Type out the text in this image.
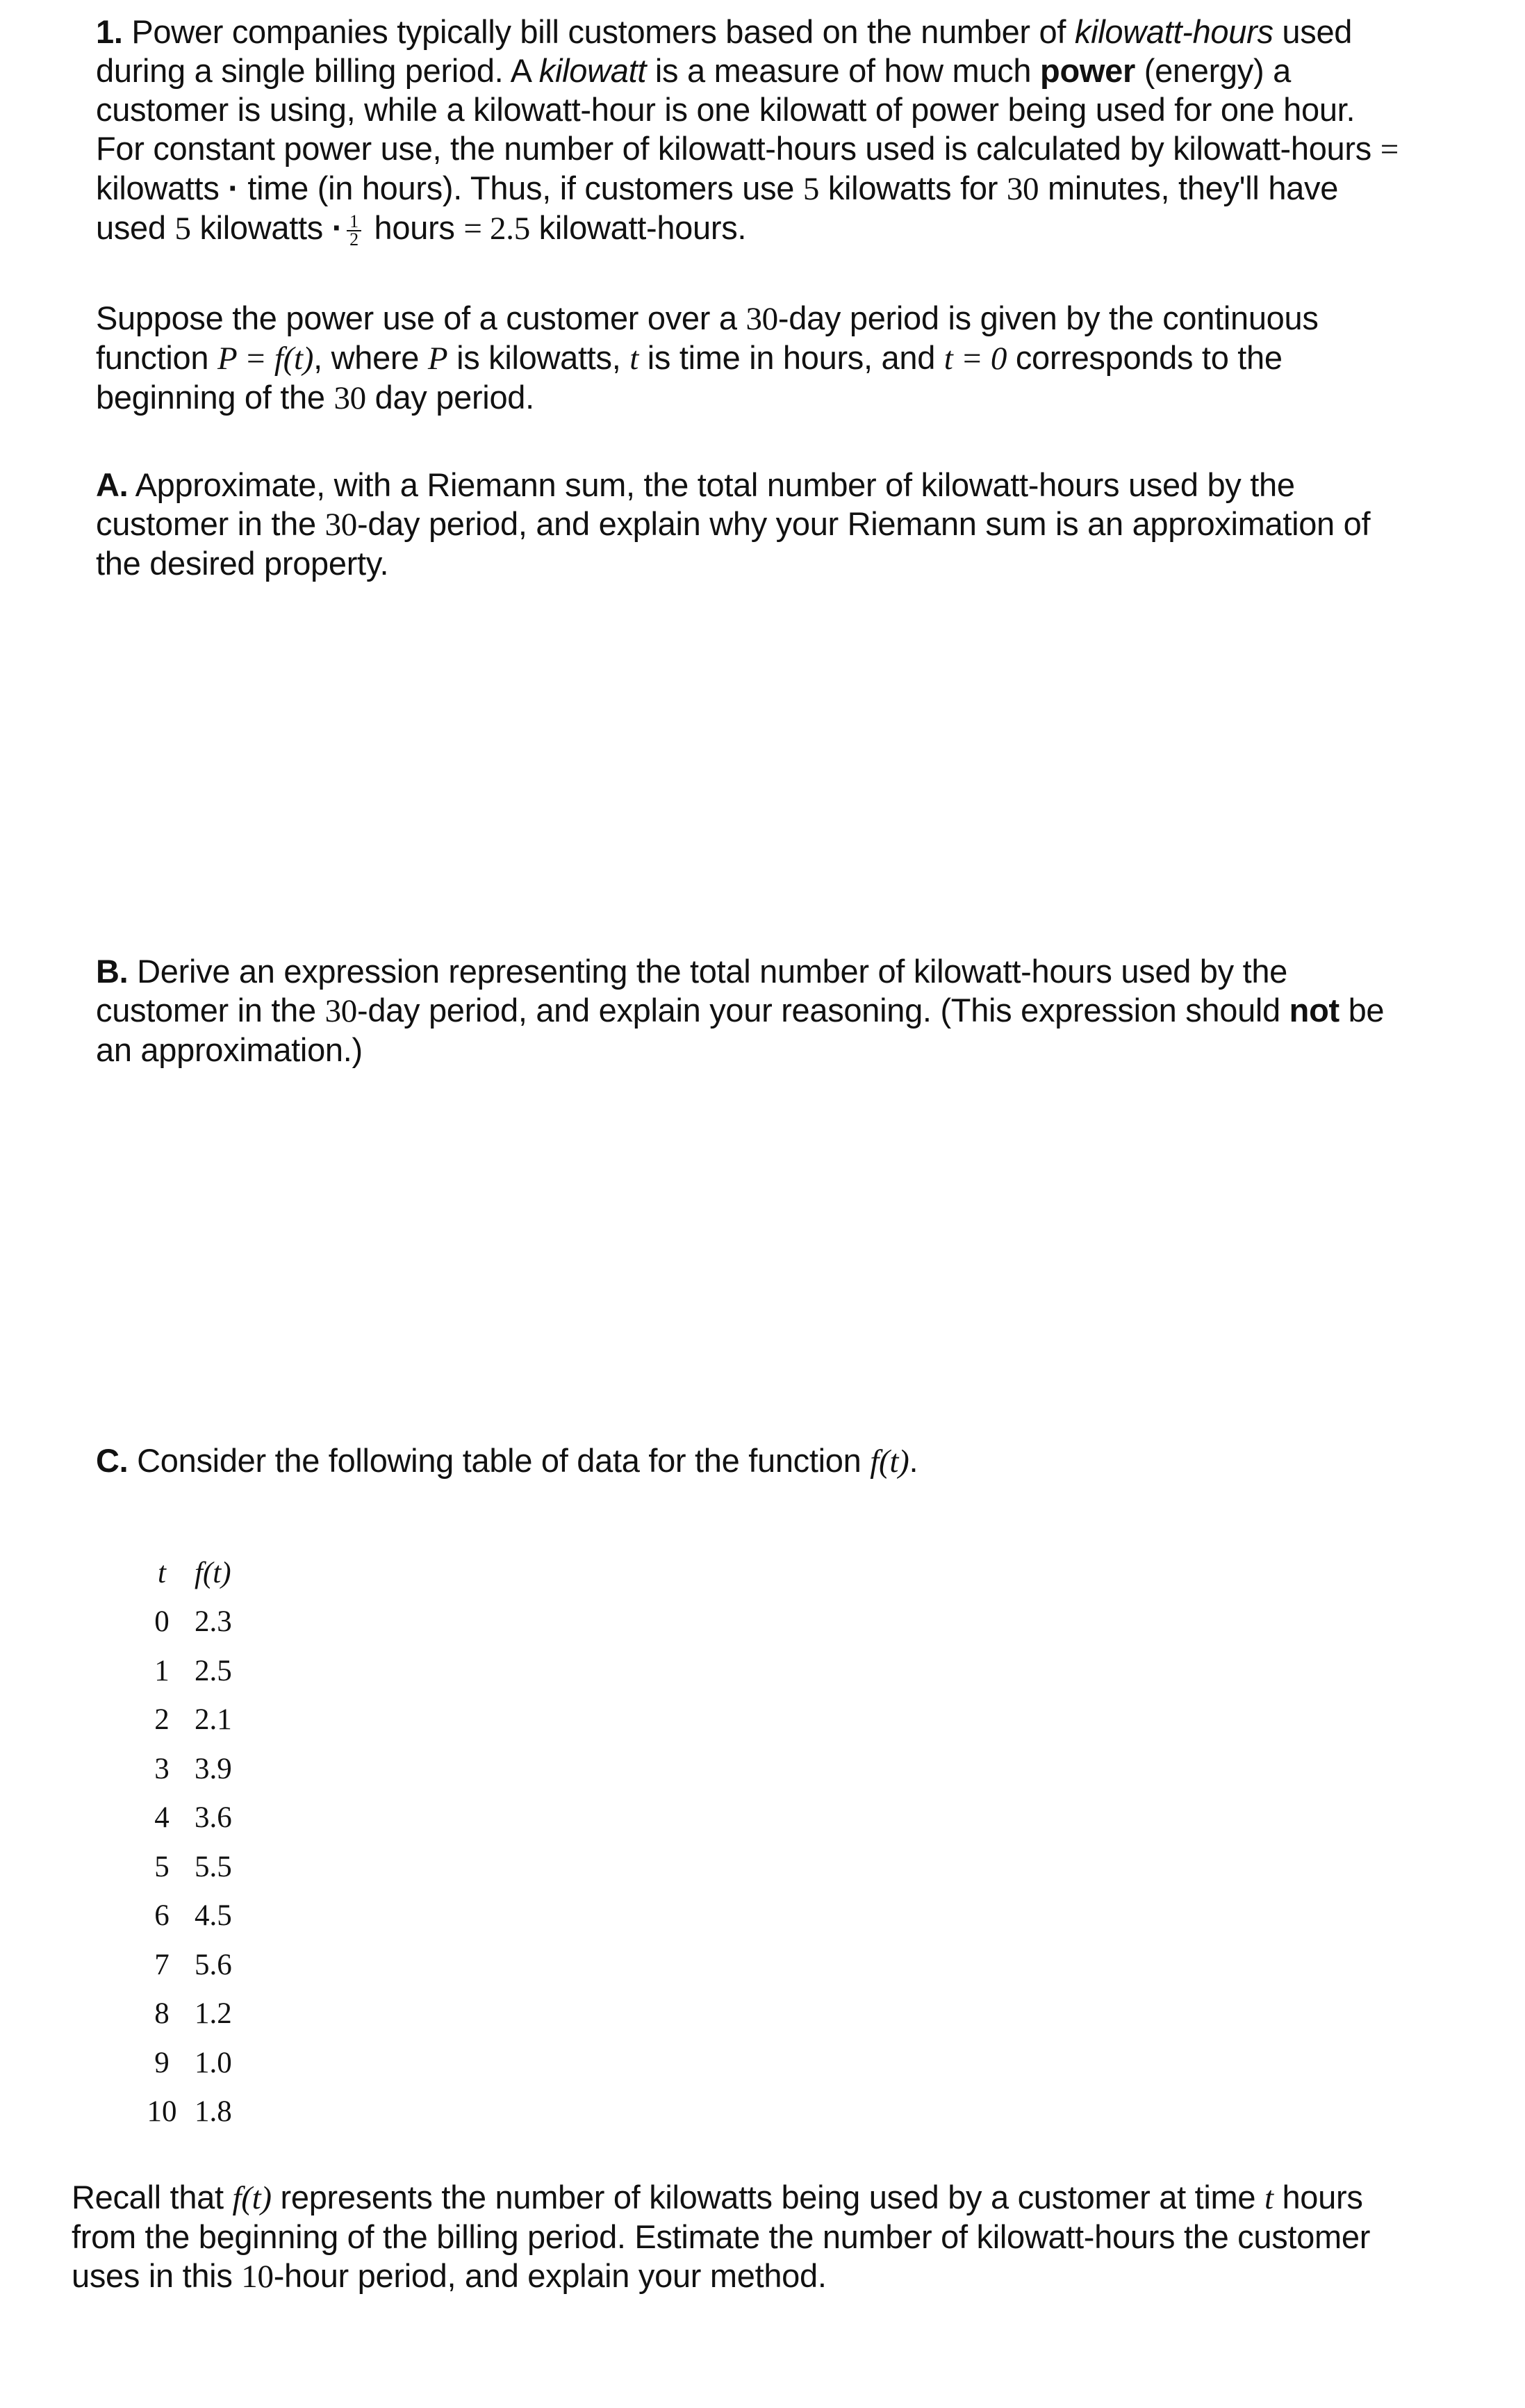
1. Power companies typically bill customers based on the number of kilowatt-hours used
during a single billing period. A kilowatt is a measure of how much power (energy) a
customer is using, while a kilowatt-hour is one kilowatt of power being used for one hour.
For constant power use, the number of kilowatt-hours used is calculated by kilowatt-hours =
kilowatts · time (in hours). Thus, if customers use 5 kilowatts for 30 minutes, they'll have
used 5 kilowatts · $\frac{1}{2}$ hours = 2.5 kilowatt-hours.
Suppose the power use of a customer over a 30-day period is given by the continuous
function P = f(t), where P is kilowatts, t is time in hours, and t = 0 corresponds to the
beginning of the 30 day period.
A. Approximate, with a Riemann sum, the total number of kilowatt-hours used by the
customer in the 30-day period, and explain why your Riemann sum is an approximation of
the desired property.
B. Derive an expression representing the total number of kilowatt-hours used by the
customer in the 30-day period, and explain your reasoning. (This expression should not be
an approximation.)
C. Consider the following table of data for the function f(t).
t	f(t)
0	2.3
1	2.5
2	2.1
3	3.9
4	3.6
5	5.5
6	4.5
7	5.6
8	1.2
9	1.0
10	1.8
Recall that f(t) represents the number of kilowatts being used by a customer at time t hours
from the beginning of the billing period. Estimate the number of kilowatt-hours the customer
uses in this 10-hour period, and explain your method.
